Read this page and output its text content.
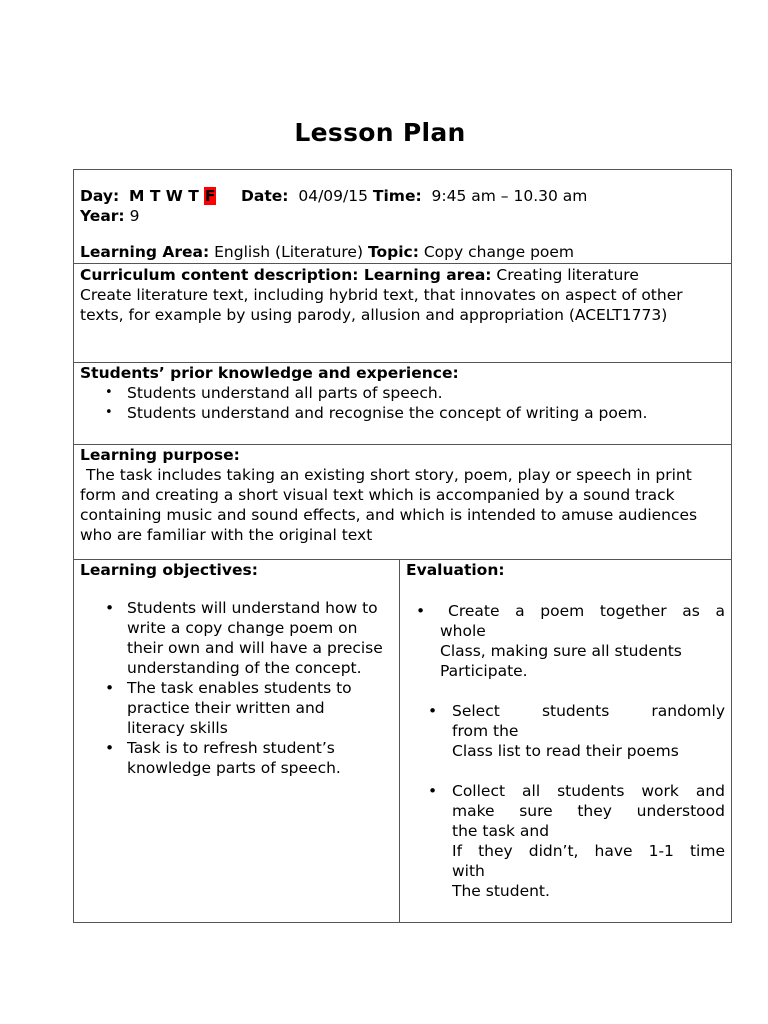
Lesson Plan
Day: M T W T F Date: 04/09/15 Time: 9:45 am – 10.30 am
Year: 9
Learning Area: English (Literature) Topic: Copy change poem
Curriculum content description: Learning area: Creating literature
Create literature text, including hybrid text, that innovates on aspect of other texts, for example by using parody, allusion and appropriation (ACELT1773)
Students’ prior knowledge and experience:
• Students understand all parts of speech.
• Students understand and recognise the concept of writing a poem.
Learning purpose:
The task includes taking an existing short story, poem, play or speech in print form and creating a short visual text which is accompanied by a sound track containing music and sound effects, and which is intended to amuse audiences who are familiar with the original text
Learning objectives:
• Students will understand how to write a copy change poem on their own and will have a precise understanding of the concept.
• The task enables students to practice their written and literacy skills
• Task is to refresh student’s knowledge parts of speech.
Evaluation:
•	Create a poem together as a
whole
Class, making sure all students
Participate.
• Select students randomly
from the
Class list to read their poems
• Collect all students work and
make sure they understood
the task and
If they didn’t, have 1-1 time
with
The student.
